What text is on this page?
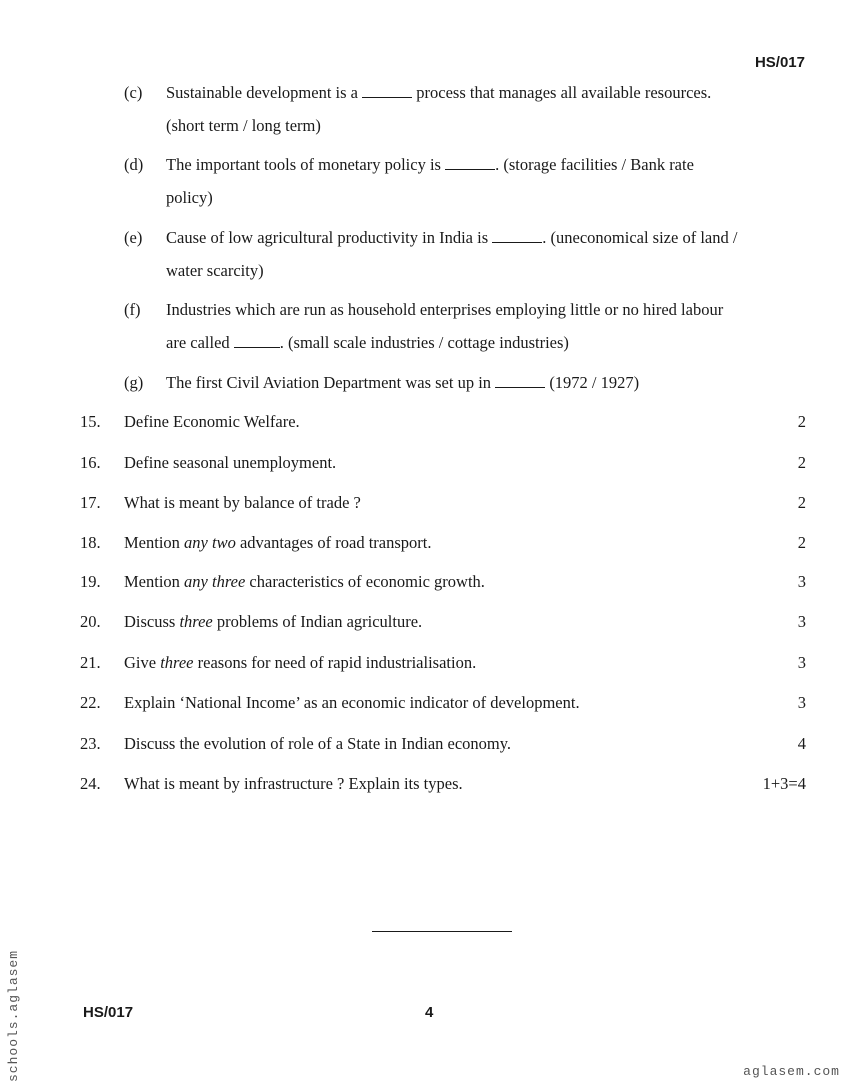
HS/017
(c) Sustainable development is a	process that manages all available resources.
(short term / long term)
(d) The important tools of monetary policy is	. (storage facilities / Bank rate
policy)
(e) Cause of low agricultural productivity in India is	. (uneconomical size of land /
water scarcity)
(f) Industries which are run as household enterprises employing little or no hired labour
are called	. (small scale industries / cottage industries)
(g) The first Civil Aviation Department was set up in	(1972 / 1927)
15. Define Economic Welfare.	2
16. Define seasonal unemployment.	2
17. What is meant by balance of trade ?	2
18. Mention any two advantages of road transport.	2
19. Mention any three characteristics of economic growth.	3
20. Discuss three problems of Indian agriculture.	3
21. Give three reasons for need of rapid industrialisation.	3
22. Explain ‘National Income’ as an economic indicator of development.	3
23. Discuss the evolution of role of a State in Indian economy.	4
24. What is meant by infrastructure ? Explain its types.	1+3=4
HS/017	4
schools.aglasem	aglasem.com
